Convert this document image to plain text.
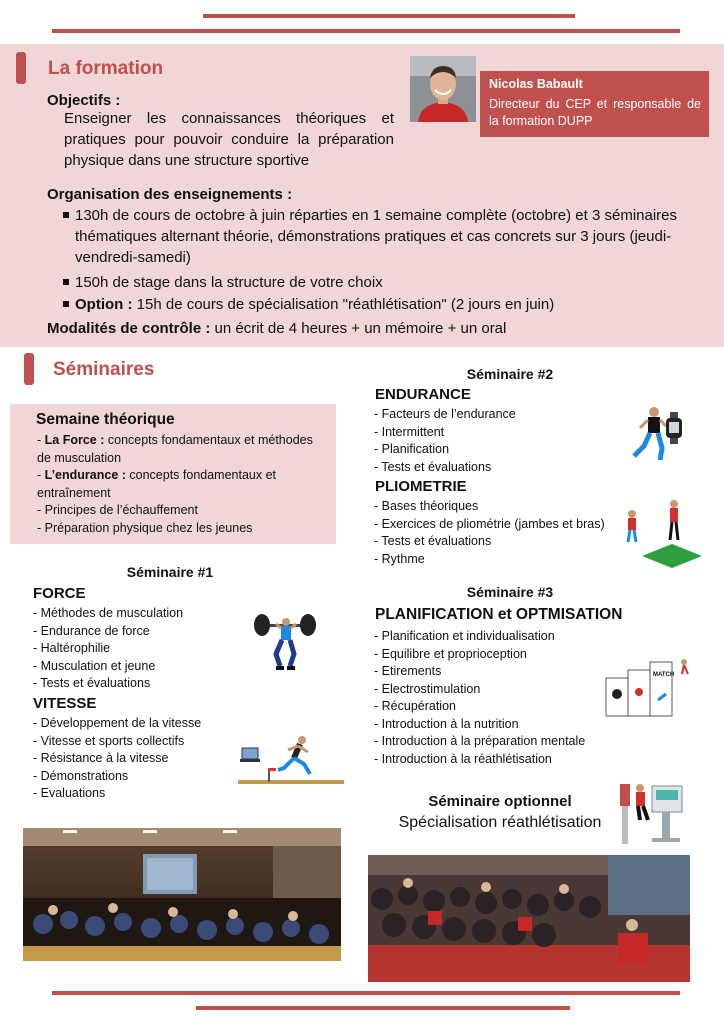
La formation
Objectifs :
Enseigner les connaissances théoriques et pratiques pour pouvoir conduire la préparation physique dans une structure sportive
Organisation des enseignements :
130h de cours de octobre à juin réparties en 1 semaine complète (octobre) et 3 séminaires thématiques alternant théorie, démonstrations pratiques et cas concrets sur 3 jours (jeudi-vendredi-samedi)
150h de stage dans la structure de votre choix
Option : 15h de cours de spécialisation "réathlétisation" (2 jours en juin)
Modalités de contrôle : un écrit de 4 heures + un mémoire + un oral
Nicolas Babault
Directeur du CEP et responsable de la formation DUPP
Séminaires
Semaine théorique
- La Force : concepts fondamentaux et méthodes de musculation
- L’endurance : concepts fondamentaux et entraînement
- Principes de l’échauffement
- Préparation physique chez les jeunes
Séminaire #1
FORCE
- Méthodes de musculation
- Endurance de force
- Haltérophilie
- Musculation et jeune
- Tests et évaluations
VITESSE
- Développement de la vitesse
- Vitesse et sports collectifs
- Résistance à la vitesse
- Démonstrations
- Evaluations
Séminaire #2
ENDURANCE
- Facteurs de l’endurance
- Intermittent
- Planification
- Tests et évaluations
PLIOMETRIE
- Bases théoriques
- Exercices de pliométrie (jambes et bras)
- Tests et évaluations
- Rythme
Séminaire #3
PLANIFICATION et OPTMISATION
- Planification et individualisation
- Equilibre et proprioception
- Etirements
- Electrostimulation
- Récupération
- Introduction à la nutrition
- Introduction à la préparation mentale
- Introduction à la réathlétisation
MATCH
Séminaire optionnel
Spécialisation réathlétisation
